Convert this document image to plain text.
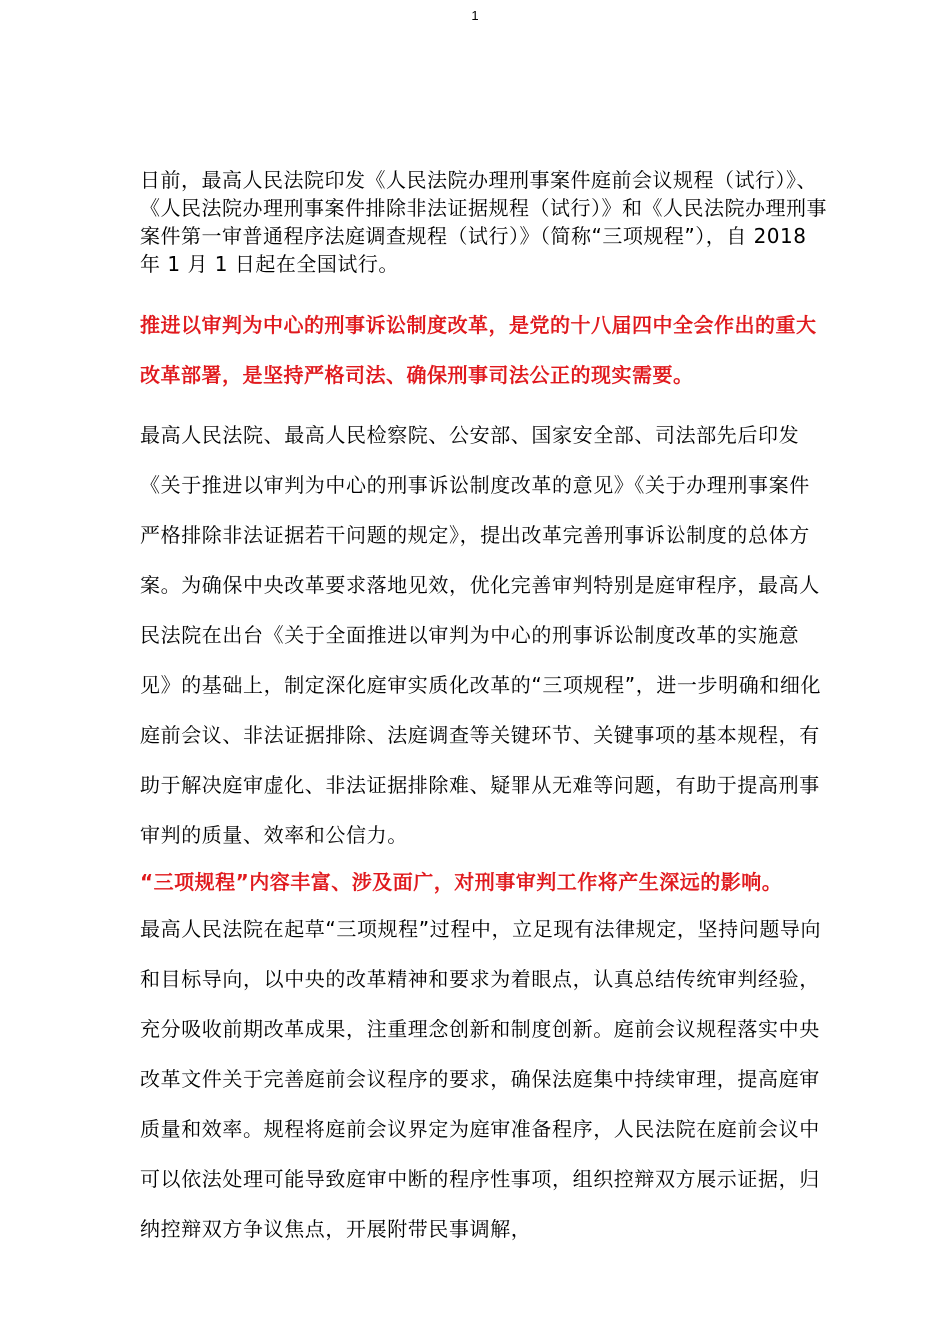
1

日前，最高人民法院印发《人民法院办理刑事案件庭前会议规程（试行）》、《人民法院办理刑事案件排除非法证据规程（试行）》和《人民法院办理刑事案件第一审普通程序法庭调查规程（试行）》（简称“三项规程”），自 2018 年 1 月 1 日起在全国试行。

推进以审判为中心的刑事诉讼制度改革，是党的十八届四中全会作出的重大改革部署，是坚持严格司法、确保刑事司法公正的现实需要。

最高人民法院、最高人民检察院、公安部、国家安全部、司法部先后印发《关于推进以审判为中心的刑事诉讼制度改革的意见》《关于办理刑事案件严格排除非法证据若干问题的规定》，提出改革完善刑事诉讼制度的总体方案。为确保中央改革要求落地见效，优化完善审判特别是庭审程序，最高人民法院在出台《关于全面推进以审判为中心的刑事诉讼制度改革的实施意见》的基础上，制定深化庭审实质化改革的“三项规程”，进一步明确和细化庭前会议、非法证据排除、法庭调查等关键环节、关键事项的基本规程，有助于解决庭审虚化、非法证据排除难、疑罪从无难等问题，有助于提高刑事审判的质量、效率和公信力。

“三项规程”内容丰富、涉及面广，对刑事审判工作将产生深远的影响。

最高人民法院在起草“三项规程”过程中，立足现有法律规定，坚持问题导向和目标导向，以中央的改革精神和要求为着眼点，认真总结传统审判经验，充分吸收前期改革成果，注重理念创新和制度创新。庭前会议规程落实中央改革文件关于完善庭前会议程序的要求，确保法庭集中持续审理，提高庭审质量和效率。规程将庭前会议界定为庭审准备程序，人民法院在庭前会议中可以依法处理可能导致庭审中断的程序性事项，组织控辩双方展示证据，归纳控辩双方争议焦点，开展附带民事调解，
